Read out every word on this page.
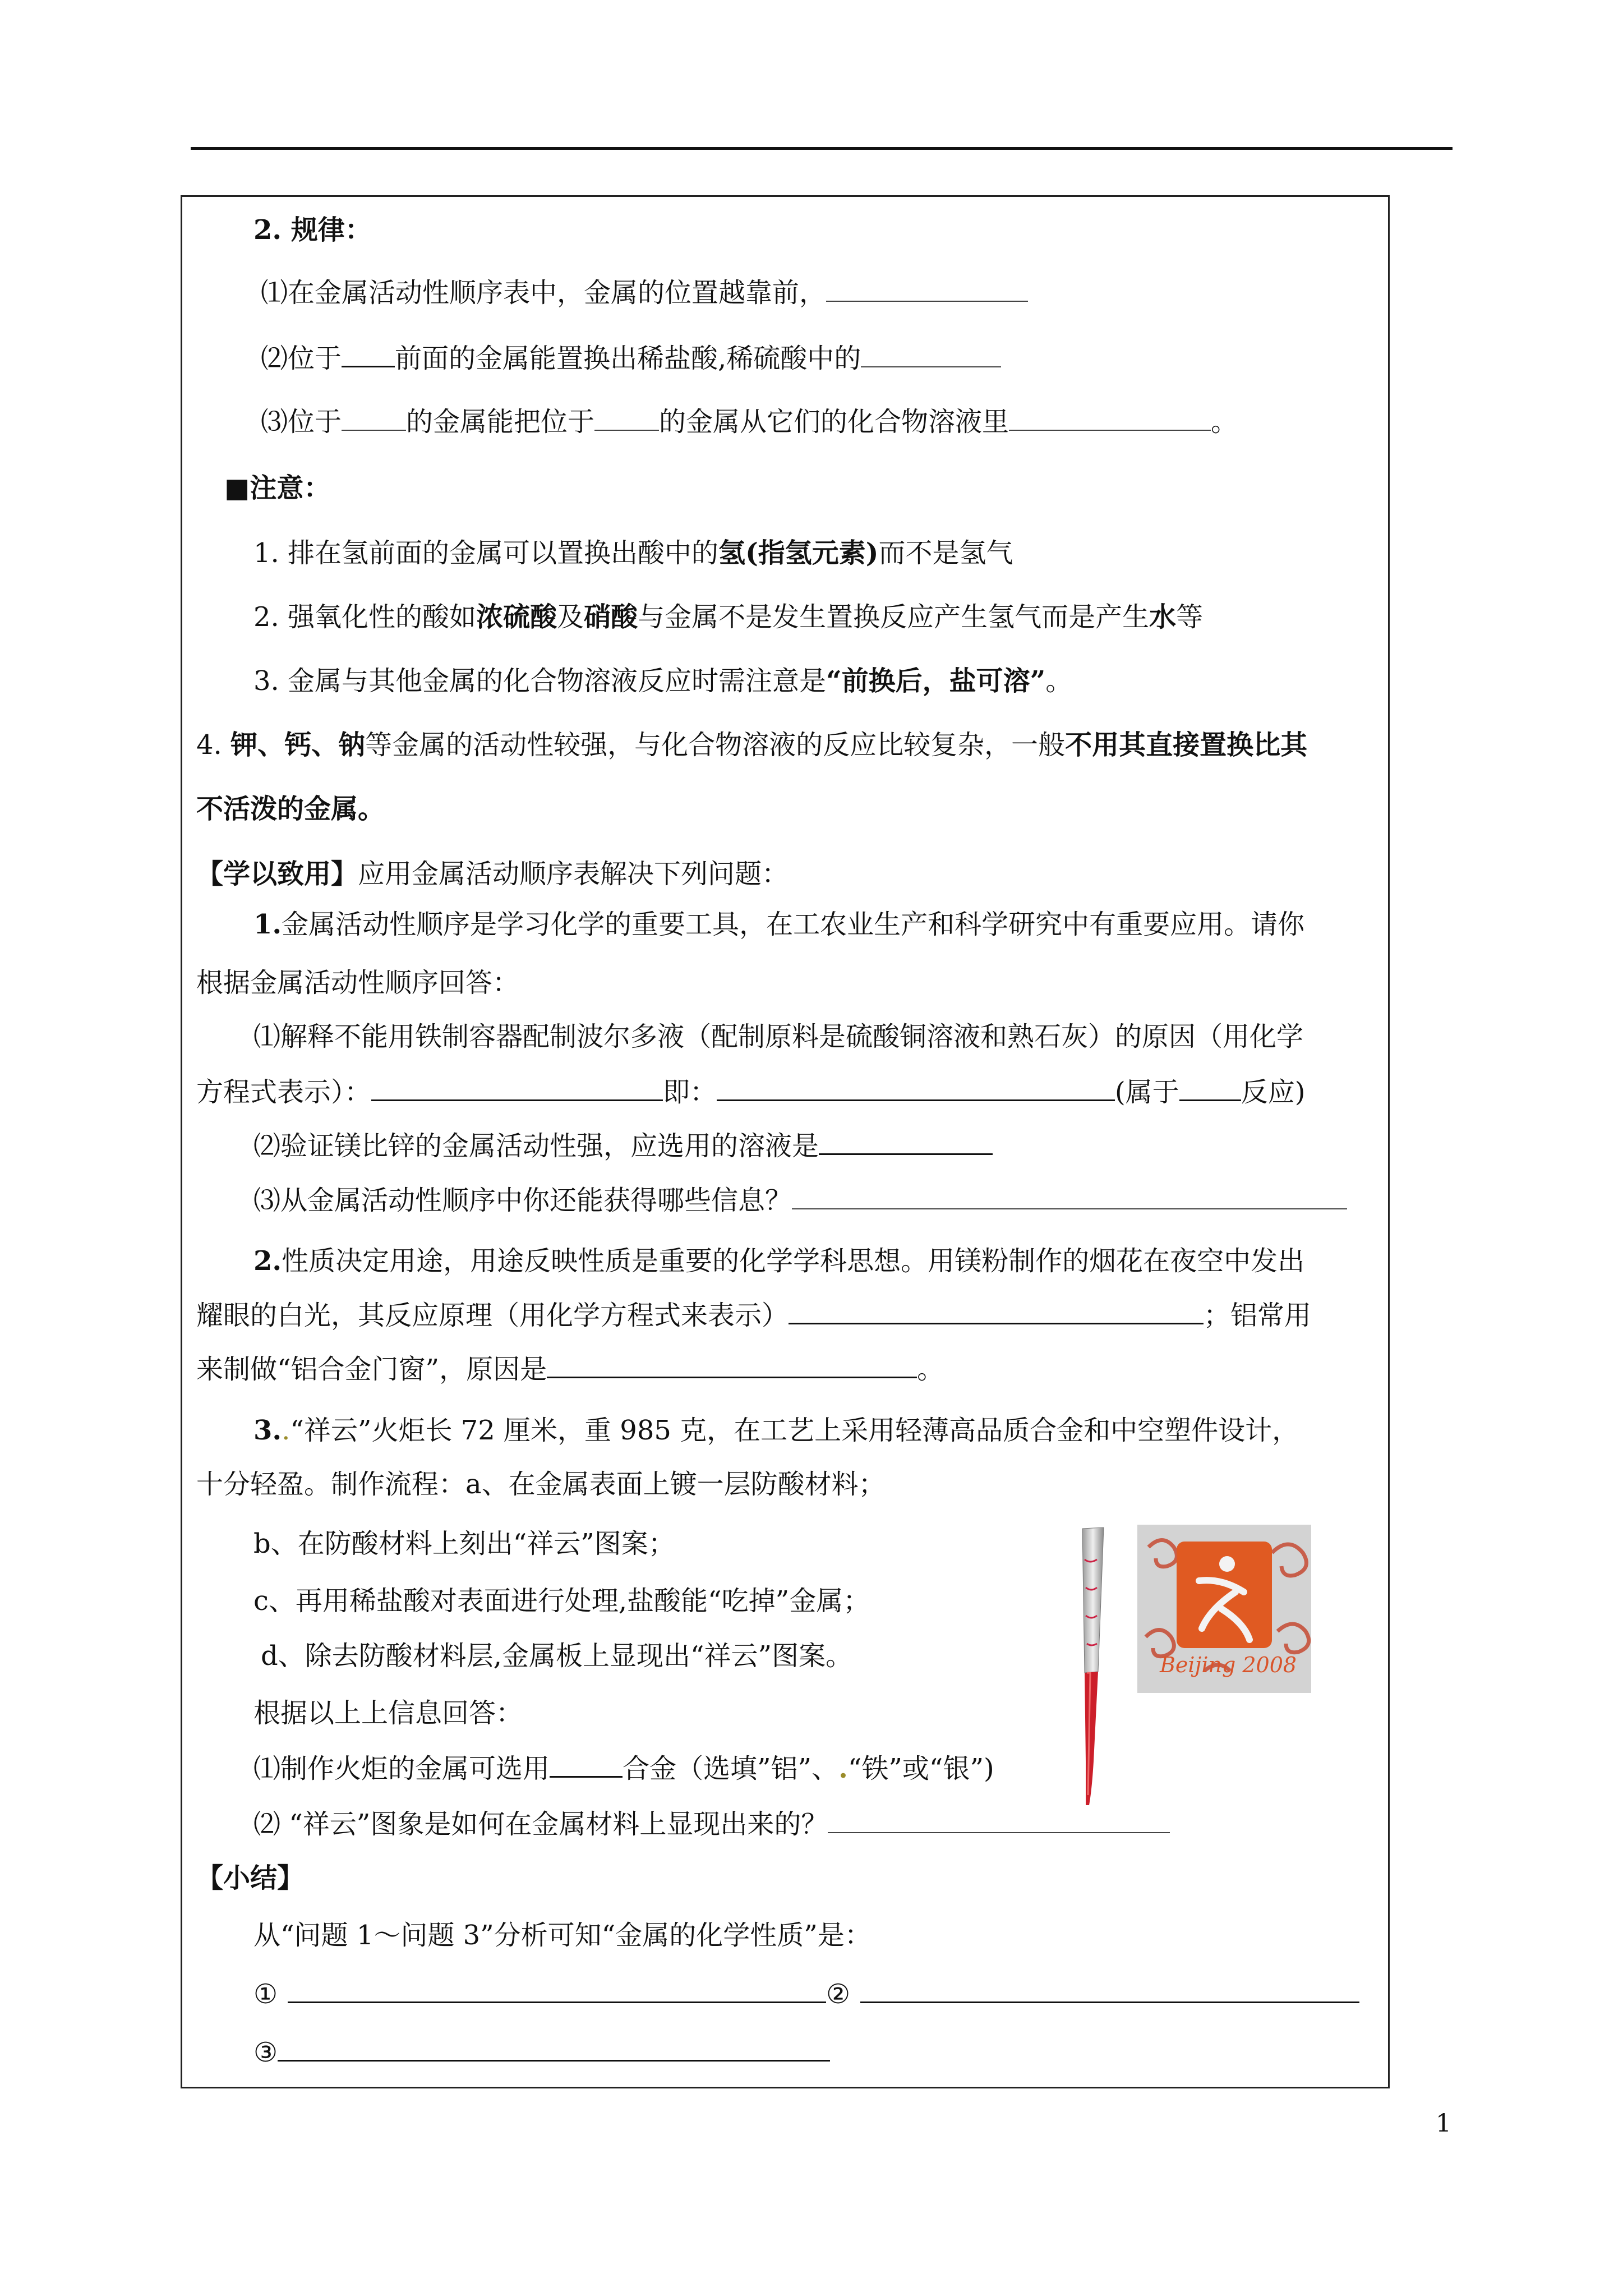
2. 规律：
⑴在金属活动性顺序表中，金属的位置越靠前，
⑵位于 前面的金属能置换出稀盐酸,稀硫酸中的
⑶位于 的金属能把位于 的金属从它们的化合物溶液里	。
■注意：
1. 排在氢前面的金属可以置换出酸中的氢(指氢元素)而不是氢气
2. 强氧化性的酸如浓硫酸及硝酸与金属不是发生置换反应产生氢气而是产生水等
3. 金属与其他金属的化合物溶液反应时需注意是“前换后，盐可溶”。
4. 钾、钙、钠等金属的活动性较强，与化合物溶液的反应比较复杂，一般不用其直接置换比其
不活泼的金属。
【学以致用】应用金属活动顺序表解决下列问题：
1.金属活动性顺序是学习化学的重要工具，在工农业生产和科学研究中有重要应用。请你
根据金属活动性顺序回答：
⑴解释不能用铁制容器配制波尔多液（配制原料是硫酸铜溶液和熟石灰）的原因（用化学
方程式表示）：	即：	(属于 反应)
⑵验证镁比锌的金属活动性强，应选用的溶液是
⑶从金属活动性顺序中你还能获得哪些信息？
2.性质决定用途，用途反映性质是重要的化学学科思想。用镁粉制作的烟花在夜空中发出
耀眼的白光，其反应原理（用化学方程式来表示）	；铝常用
来制做“铝合金门窗”，原因是	。
3..“祥云”火炬长 72 厘米，重 985 克，在工艺上采用轻薄高品质合金和中空塑件设计，
十分轻盈。制作流程：a、在金属表面上镀一层防酸材料；
b、在防酸材料上刻出“祥云”图案；
c、再用稀盐酸对表面进行处理,盐酸能“吃掉”金属；
d、除去防酸材料层,金属板上显现出“祥云”图案。
根据以上上信息回答：
⑴制作火炬的金属可选用	合金（选填”铝”、.“铁”或“银”)
⑵ “祥云”图象是如何在金属材料上显现出来的？
Beijing 2008
【小结】
从“问题 1～问题 3”分析可知“金属的化学性质”是：
①	②
③
1
